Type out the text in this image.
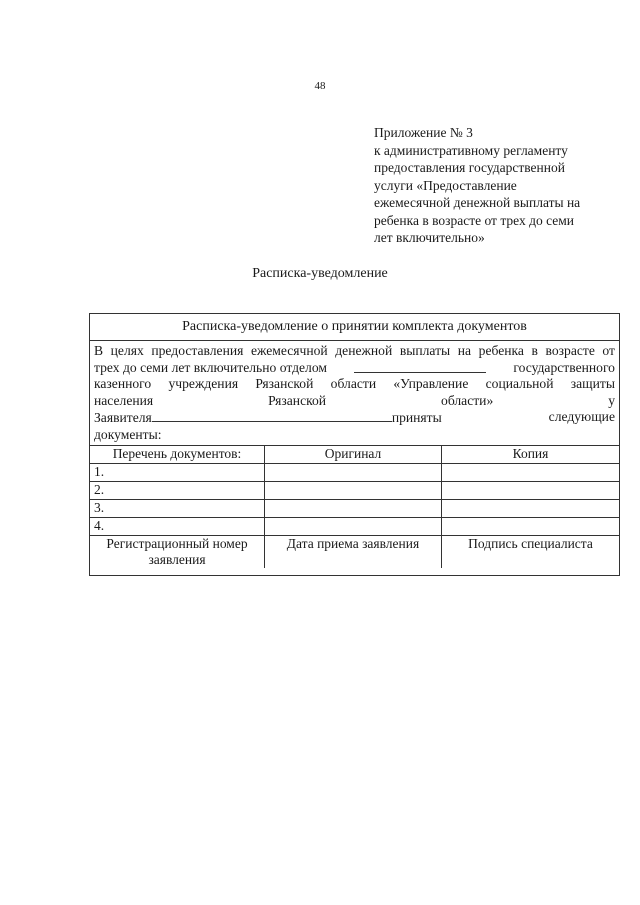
48
Приложение № 3
к административному регламенту
предоставления государственной
услуги «Предоставление
ежемесячной денежной выплаты на
ребенка в возрасте от трех до семи
лет включительно»
Расписка-уведомление
Расписка-уведомление о принятии комплекта документов
В целях предоставления ежемесячной денежной выплаты на ребенка в возрасте от
трех до семи лет включительно отделом	государственного
казенного учреждения Рязанской области «Управление социальной защиты
населения	Рязанской	области»	у
Заявителя	приняты	следующие
документы:
Перечень документов:	Оригинал	Копия
1.		
2.		
3.		
4.		

Регистрационный номер заявления	Дата приема заявления	Подпись специалиста
